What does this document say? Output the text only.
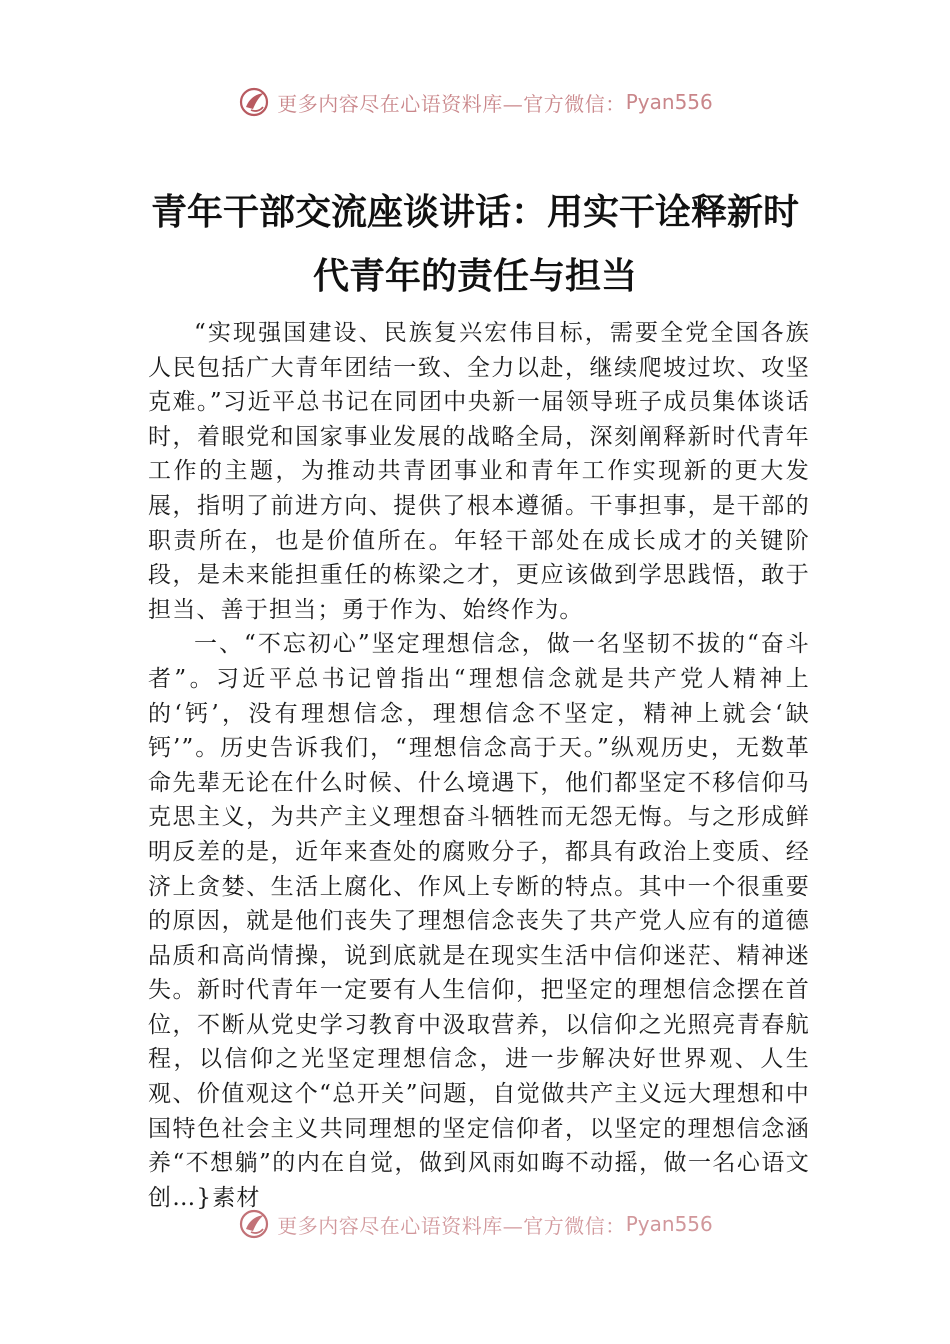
更多内容尽在心语资料库—官方微信： Pyan556
青年干部交流座谈讲话：用实干诠释新时代青年的责任与担当

“实现强国建设、民族复兴宏伟目标，需要全党全国各族人民包括广大青年团结一致、全力以赴，继续爬坡过坎、攻坚克难。”习近平总书记在同团中央新一届领导班子成员集体谈话时，着眼党和国家事业发展的战略全局，深刻阐释新时代青年工作的主题，为推动共青团事业和青年工作实现新的更大发展，指明了前进方向、提供了根本遵循。干事担事，是干部的职责所在，也是价值所在。年轻干部处在成长成才的关键阶段，是未来能担重任的栋梁之才，更应该做到学思践悟，敢于担当、善于担当；勇于作为、始终作为。

一、“不忘初心”坚定理想信念，做一名坚韧不拔的“奋斗者”。习近平总书记曾指出“理想信念就是共产党人精神上的‘钙’，没有理想信念，理想信念不坚定，精神上就会‘缺钙’”。历史告诉我们，“理想信念高于天。”纵观历史，无数革命先辈无论在什么时候、什么境遇下，他们都坚定不移信仰马克思主义，为共产主义理想奋斗牺牲而无怨无悔。与之形成鲜明反差的是，近年来查处的腐败分子，都具有政治上变质、经济上贪婪、生活上腐化、作风上专断的特点。其中一个很重要的原因，就是他们丧失了理想信念丧失了共产党人应有的道德品质和高尚情操，说到底就是在现实生活中信仰迷茫、精神迷失。新时代青年一定要有人生信仰，把坚定的理想信念摆在首位，不断从党史学习教育中汲取营养，以信仰之光照亮青春航程，以信仰之光坚定理想信念，进一步解决好世界观、人生观、价值观这个“总开关”问题，自觉做共产主义远大理想和中国特色社会主义共同理想的坚定信仰者，以坚定的理想信念涵养“不想躺”的内在自觉，做到风雨如晦不动摇，做一名心语文创…}素材

更多内容尽在心语资料库—官方微信： Pyan556
